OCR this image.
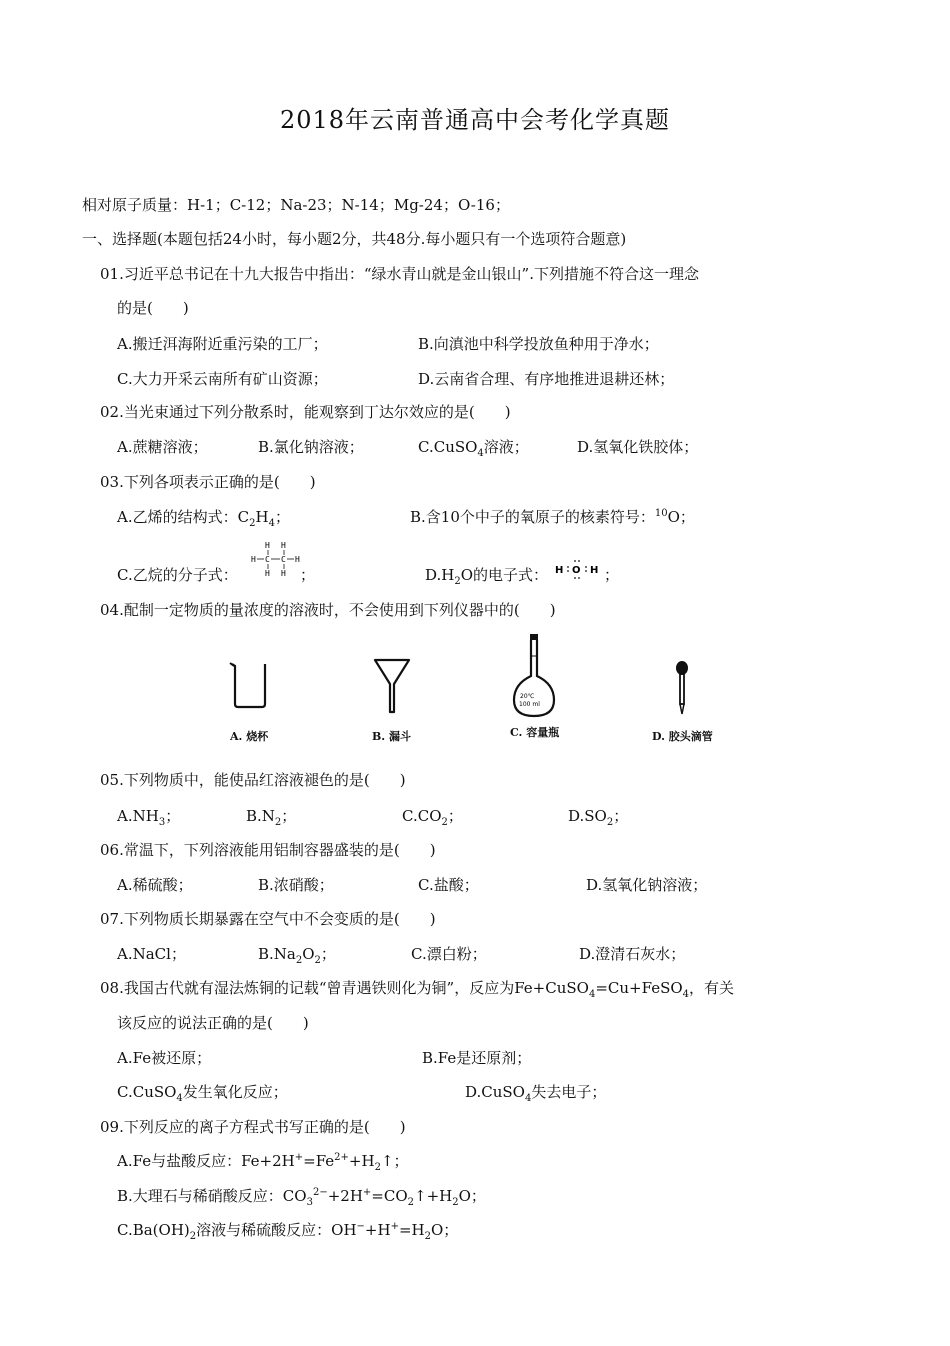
2018年云南普通高中会考化学真题
相对原子质量：H-1；C-12；Na-23；N-14；Mg-24；O-16；
一、选择题(本题包括24小时，每小题2分，共48分.每小题只有一个选项符合题意)
01.习近平总书记在十九大报告中指出：“绿水青山就是金山银山”.下列措施不符合这一理念
的是(　　)
A.搬迁洱海附近重污染的工厂；	B.向滇池中科学投放鱼种用于净水；
C.大力开采云南所有矿山资源；	D.云南省合理、有序地推进退耕还林；
02.当光束通过下列分散系时，能观察到丁达尔效应的是(　　)
A.蔗糖溶液；	B.氯化钠溶液；	C.CuSO$_4$溶液；	D.氢氧化铁胶体；
03.下列各项表示正确的是(　　)
A.乙烯的结构式：$C_2H_4$；	B.含10个中子的氧原子的核素符号：$^{10}$O；
C.乙烷的分子式：
H H
H C C H
H H ；	$D.H_2O$的电子式： H O H ；
04.配制一定物质的量浓度的溶液时，不会使用到下列仪器中的(　　)
A. 烧杯	B. 漏斗
20℃
100 ml
C. 容量瓶	D. 胶头滴管
05.下列物质中，能使品红溶液褪色的是(　　)
$A.NH_3$；	$B.N_2$；	$C.CO_2$；	$D.SO_2$；
06.常温下，下列溶液能用铝制容器盛装的是(　　)
A.稀硫酸；	B.浓硝酸；	C.盐酸；	D.氢氧化钠溶液；
07.下列物质长期暴露在空气中不会变质的是(　　)
A.NaCl；	$B.Na_2O_2$；	C.漂白粉；	D.澄清石灰水；
08.我国古代就有湿法炼铜的记载“曾青遇铁则化为铜”，反应为Fe+CuSO$_4$=Cu+FeSO$_4$，有关
该反应的说法正确的是(　　)
A.Fe被还原；	B.Fe是还原剂；
C.CuSO$_4$发生氧化反应；	D.CuSO$_4$失去电子；
09.下列反应的离子方程式书写正确的是(　　)
A.Fe与盐酸反应：$Fe+2H^+=Fe^{2+}+H_2↑$；
B.大理石与稀硝酸反应：$CO_3^{2-}+2H^+=CO_2↑+H_2O$；
$C.Ba(OH)_2$溶液与稀硫酸反应：$OH^-+H^+=H_2O$；
